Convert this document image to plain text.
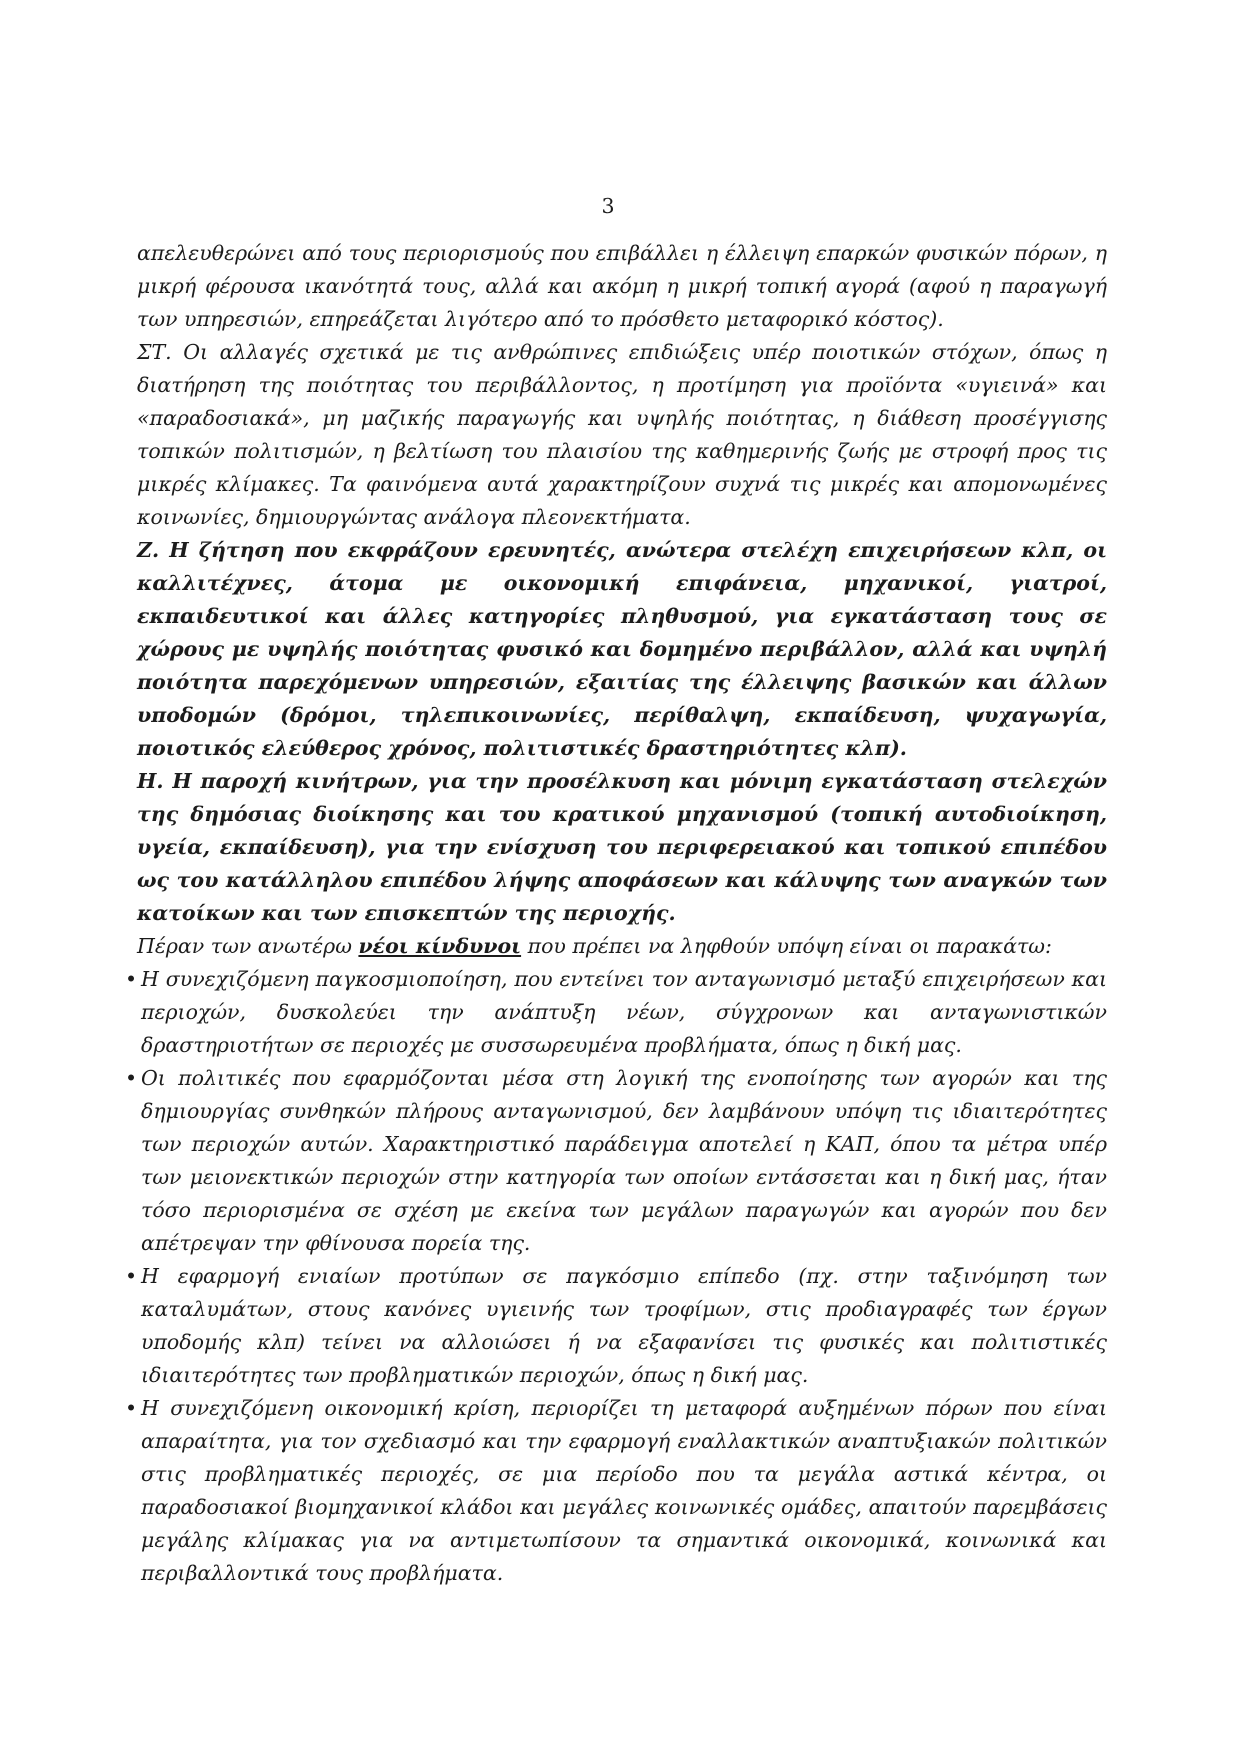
3

απελευθερώνει από τους περιορισμούς που επιβάλλει η έλλειψη επαρκών φυσικών πόρων, η μικρή φέρουσα ικανότητά τους, αλλά και ακόμη η μικρή τοπική αγορά (αφού η παραγωγή των υπηρεσιών, επηρεάζεται λιγότερο από το πρόσθετο μεταφορικό κόστος).

ΣΤ. Οι αλλαγές σχετικά με τις ανθρώπινες επιδιώξεις υπέρ ποιοτικών στόχων, όπως η διατήρηση της ποιότητας του περιβάλλοντος, η προτίμηση για προϊόντα «υγιεινά» και «παραδοσιακά», μη μαζικής παραγωγής και υψηλής ποιότητας, η διάθεση προσέγγισης τοπικών πολιτισμών, η βελτίωση του πλαισίου της καθημερινής ζωής με στροφή προς τις μικρές κλίμακες. Τα φαινόμενα αυτά χαρακτηρίζουν συχνά τις μικρές και απομονωμένες κοινωνίες, δημιουργώντας ανάλογα πλεονεκτήματα.

Ζ. Η ζήτηση που εκφράζουν ερευνητές, ανώτερα στελέχη επιχειρήσεων κλπ, οι καλλιτέχνες, άτομα με οικονομική επιφάνεια, μηχανικοί, γιατροί, εκπαιδευτικοί και άλλες κατηγορίες πληθυσμού, για εγκατάσταση τους σε χώρους με υψηλής ποιότητας φυσικό και δομημένο περιβάλλον, αλλά και υψηλή ποιότητα παρεχόμενων υπηρεσιών, εξαιτίας της έλλειψης βασικών και άλλων υποδομών (δρόμοι, τηλεπικοινωνίες, περίθαλψη, εκπαίδευση, ψυχαγωγία, ποιοτικός ελεύθερος χρόνος, πολιτιστικές δραστηριότητες κλπ).

Η. Η παροχή κινήτρων, για την προσέλκυση και μόνιμη εγκατάσταση στελεχών της δημόσιας διοίκησης και του κρατικού μηχανισμού (τοπική αυτοδιοίκηση, υγεία, εκπαίδευση), για την ενίσχυση του περιφερειακού και τοπικού επιπέδου ως του κατάλληλου επιπέδου λήψης αποφάσεων και κάλυψης των αναγκών των κατοίκων και των επισκεπτών της περιοχής.

Πέραν των ανωτέρω νέοι κίνδυνοι που πρέπει να ληφθούν υπόψη είναι οι παρακάτω:

• Η συνεχιζόμενη παγκοσμιοποίηση, που εντείνει τον ανταγωνισμό μεταξύ επιχειρήσεων και περιοχών, δυσκολεύει την ανάπτυξη νέων, σύγχρονων και ανταγωνιστικών δραστηριοτήτων σε περιοχές με συσσωρευμένα προβλήματα, όπως η δική μας.
• Οι πολιτικές που εφαρμόζονται μέσα στη λογική της ενοποίησης των αγορών και της δημιουργίας συνθηκών πλήρους ανταγωνισμού, δεν λαμβάνουν υπόψη τις ιδιαιτερότητες των περιοχών αυτών. Χαρακτηριστικό παράδειγμα αποτελεί η ΚΑΠ, όπου τα μέτρα υπέρ των μειονεκτικών περιοχών στην κατηγορία των οποίων εντάσσεται και η δική μας, ήταν τόσο περιορισμένα σε σχέση με εκείνα των μεγάλων παραγωγών και αγορών που δεν απέτρεψαν την φθίνουσα πορεία της.
• Η εφαρμογή ενιαίων προτύπων σε παγκόσμιο επίπεδο (πχ. στην ταξινόμηση των καταλυμάτων, στους κανόνες υγιεινής των τροφίμων, στις προδιαγραφές των έργων υποδομής κλπ) τείνει να αλλοιώσει ή να εξαφανίσει τις φυσικές και πολιτιστικές ιδιαιτερότητες των προβληματικών περιοχών, όπως η δική μας.
• Η συνεχιζόμενη οικονομική κρίση, περιορίζει τη μεταφορά αυξημένων πόρων που είναι απαραίτητα, για τον σχεδιασμό και την εφαρμογή εναλλακτικών αναπτυξιακών πολιτικών στις προβληματικές περιοχές, σε μια περίοδο που τα μεγάλα αστικά κέντρα, οι παραδοσιακοί βιομηχανικοί κλάδοι και μεγάλες κοινωνικές ομάδες, απαιτούν παρεμβάσεις μεγάλης κλίμακας για να αντιμετωπίσουν τα σημαντικά οικονομικά, κοινωνικά και περιβαλλοντικά τους προβλήματα.
